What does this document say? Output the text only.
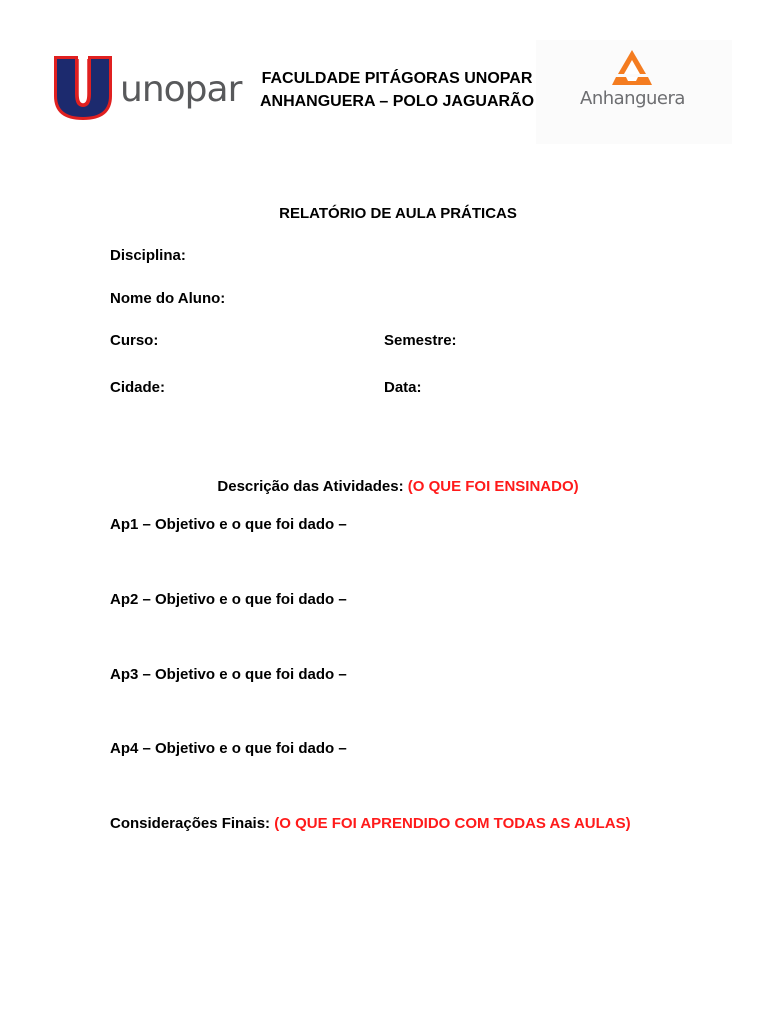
unopar	FACULDADE PITÁGORAS UNOPAR
ANHANGUERA – POLO JAGUARÃO	Anhanguera
RELATÓRIO DE AULA PRÁTICAS
Disciplina:
Nome do Aluno:
Curso:	Semestre:
Cidade:	Data:
Descrição das Atividades: (O QUE FOI ENSINADO)
Ap1 – Objetivo e o que foi dado –
Ap2 – Objetivo e o que foi dado –
Ap3 – Objetivo e o que foi dado –
Ap4 – Objetivo e o que foi dado –
Considerações Finais: (O QUE FOI APRENDIDO COM TODAS AS AULAS)
